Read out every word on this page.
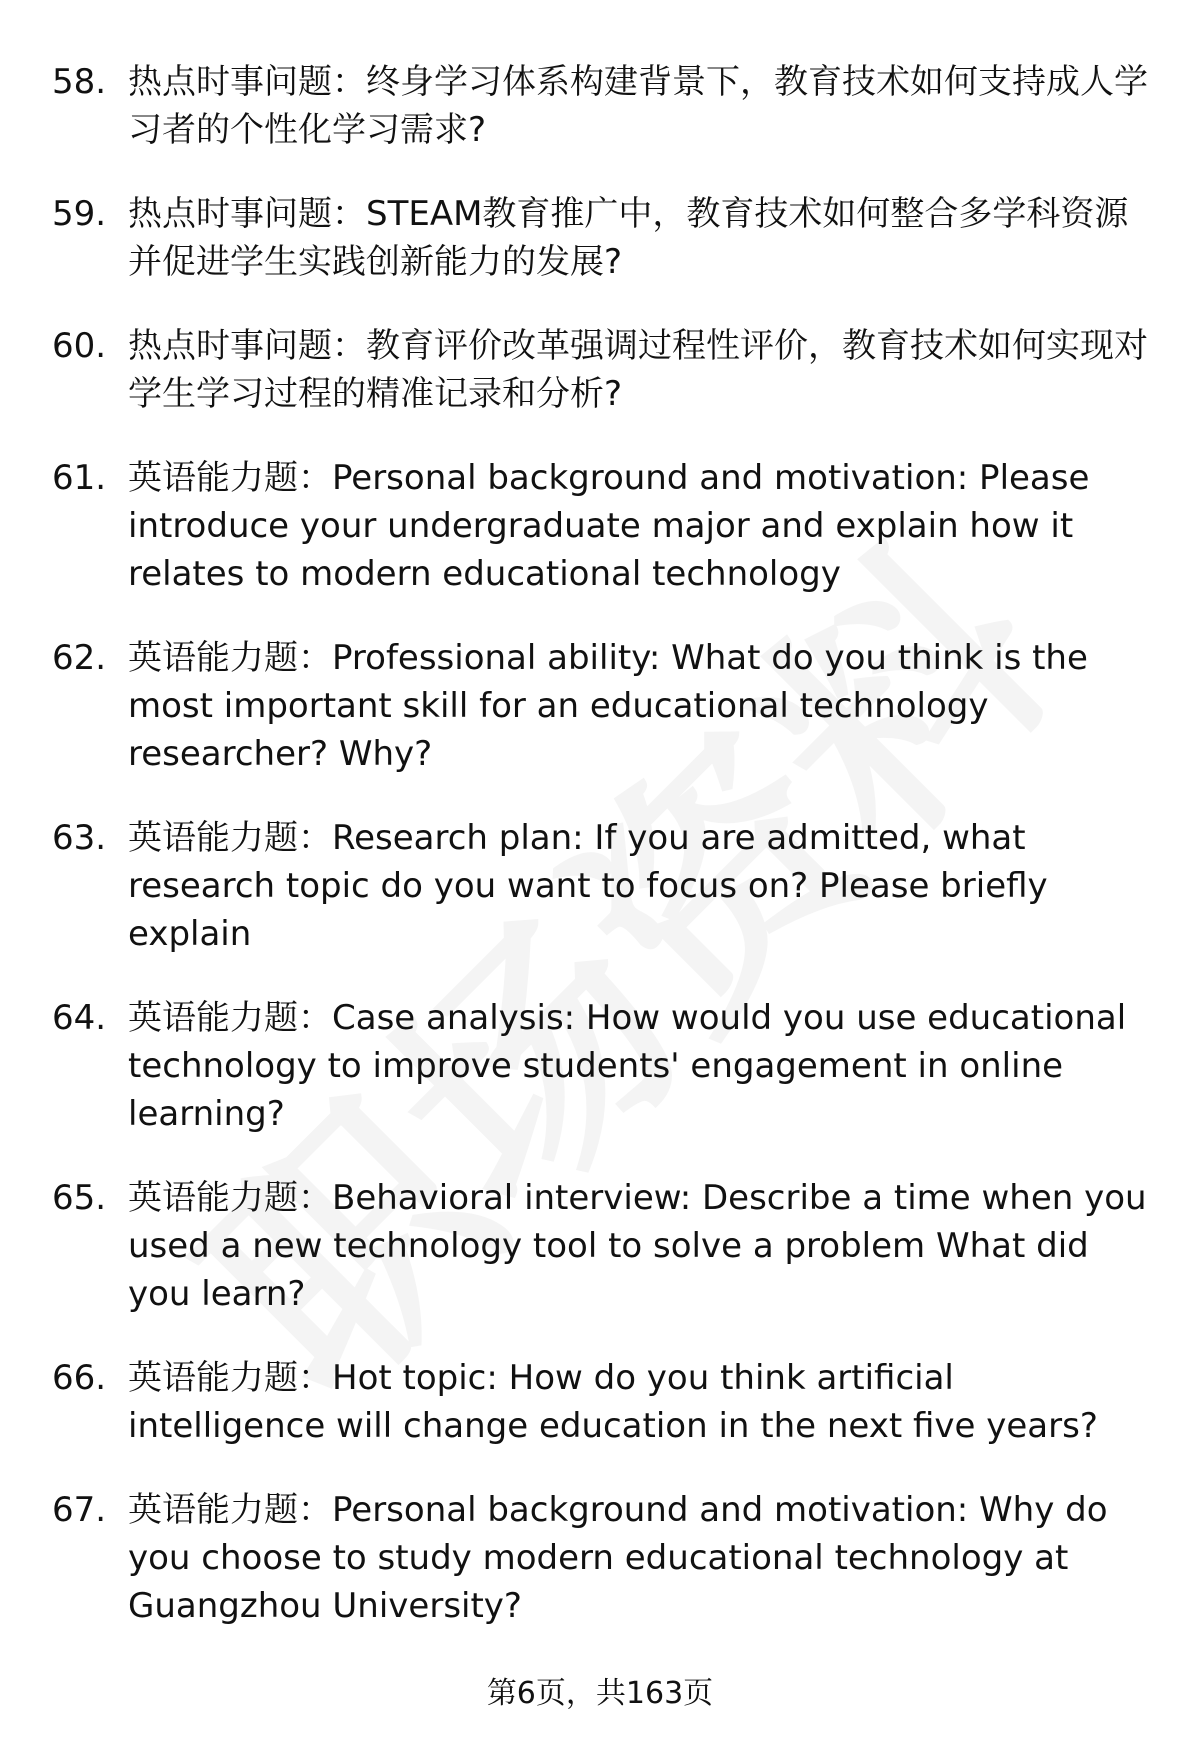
58. 热点时事问题：终身学习体系构建背景下，教育技术如何支持成人学习者的个性化学习需求?
59. 热点时事问题：STEAM教育推广中，教育技术如何整合多学科资源并促进学生实践创新能力的发展?
60. 热点时事问题：教育评价改革强调过程性评价，教育技术如何实现对学生学习过程的精准记录和分析?
61. 英语能力题：Personal background and motivation: Please introduce your undergraduate major and explain how it relates to modern educational technology
62. 英语能力题：Professional ability: What do you think is the most important skill for an educational technology researcher? Why?
63. 英语能力题：Research plan: If you are admitted, what research topic do you want to focus on? Please briefly explain
64. 英语能力题：Case analysis: How would you use educational technology to improve students' engagement in online learning?
65. 英语能力题：Behavioral interview: Describe a time when you used a new technology tool to solve a problem What did you learn?
66. 英语能力题：Hot topic: How do you think artificial intelligence will change education in the next five years?
67. 英语能力题：Personal background and motivation: Why do you choose to study modern educational technology at Guangzhou University?
第6页，共163页
